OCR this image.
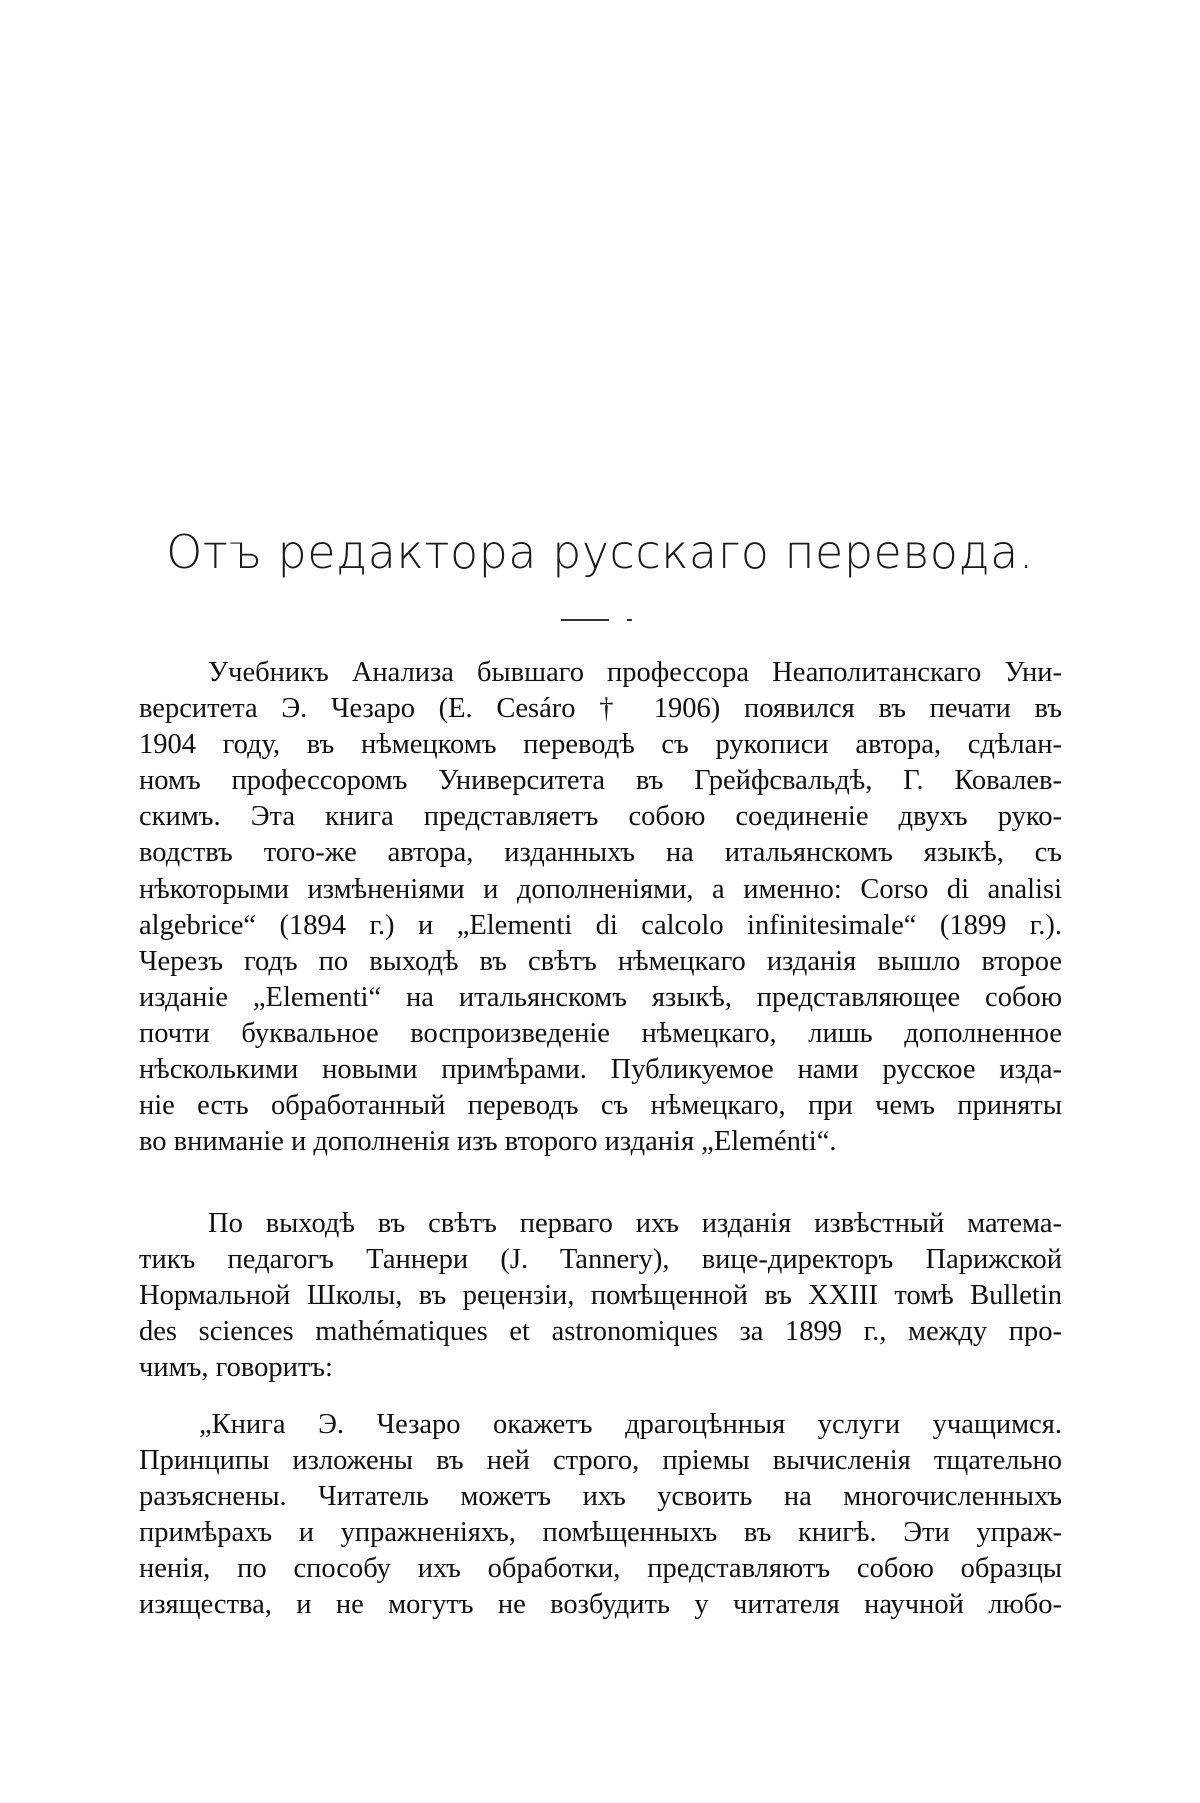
Отъ редактора русскаго перевода.
Учебникъ Анализа бывшаго профессора Неаполитанскаго Уни-
верситета Э. Чезаро (E. Cesáro † 1906) появился въ печати въ
1904 году, въ нѣмецкомъ переводѣ съ рукописи автора, сдѣлан-
номъ профессоромъ Университета въ Грейфсвальдѣ, Г. Ковалев-
скимъ. Эта книга представляетъ собою соединенiе двухъ руко-
водствъ того-же автора, изданныхъ на итальянскомъ языкѣ, съ
нѣкоторыми измѣненiями и дополненiями, а именно: Corso di analisi
algebrice“ (1894 г.) и „Elementi di calcolo infinitesimale“ (1899 г.).
Черезъ годъ по выходѣ въ свѣтъ нѣмецкаго изданiя вышло второе
изданiе „Elementi“ на итальянскомъ языкѣ, представляющее собою
почти буквальное воспроизведенiе нѣмецкаго, лишь дополненное
нѣсколькими новыми примѣрами. Публикуемое нами русское изда-
нiе есть обработанный переводъ съ нѣмецкаго, при чемъ приняты
во вниманiе и дополненiя изъ второго изданiя „Eleménti“.
По выходѣ въ свѣтъ перваго ихъ изданiя извѣстный матема-
тикъ педагогъ Таннери (J. Tannery), вице-директоръ Парижской
Нормальной Школы, въ рецензiи, помѣщенной въ XXIII томѣ Bulletin
des sciences mathématiques et astronomiques за 1899 г., между про-
чимъ, говоритъ:
„Книга Э. Чезаро окажетъ драгоцѣнныя услуги учащимся.
Принципы изложены въ ней строго, прiемы вычисленiя тщательно
разъяснены. Читатель можетъ ихъ усвоить на многочисленныхъ
примѣрахъ и упражненiяхъ, помѣщенныхъ въ книгѣ. Эти упраж-
ненiя, по способу ихъ обработки, представляютъ собою образцы
изящества, и не могутъ не возбудить у читателя научной любо-
